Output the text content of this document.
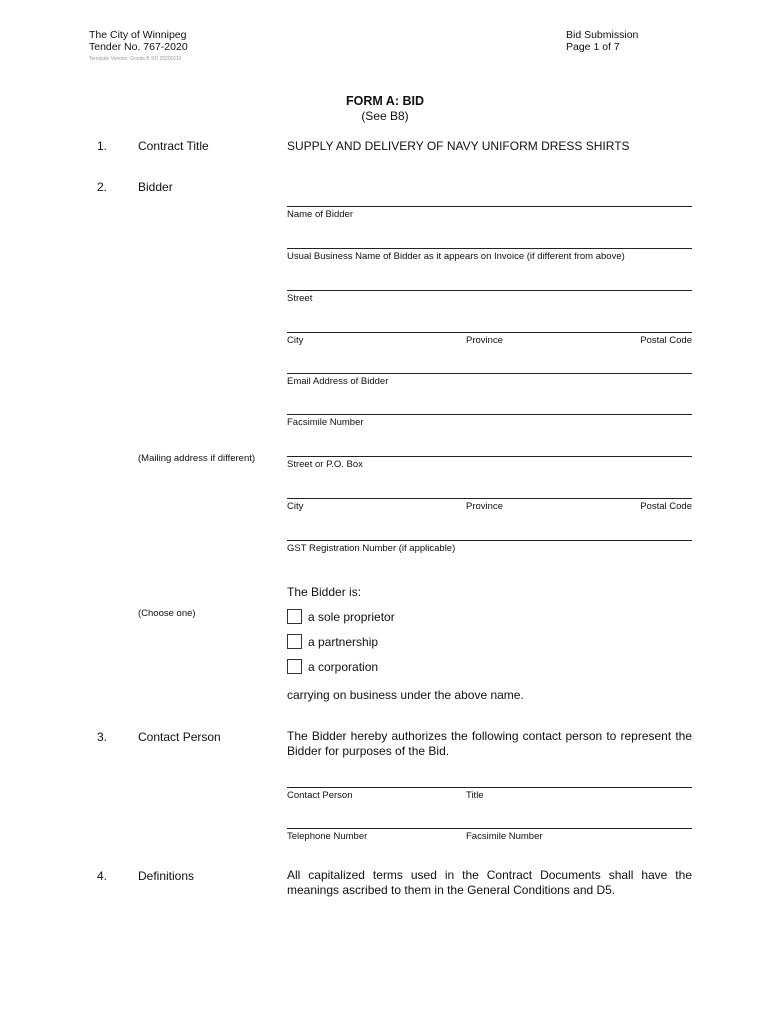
The City of Winnipeg
Tender No. 767-2020
Template Version: Goods B SO 20200110
Bid Submission
Page 1 of 7
FORM A: BID
(See B8)
1.	Contract Title	SUPPLY AND DELIVERY OF NAVY UNIFORM DRESS SHIRTS
2.	Bidder
Name of Bidder
Usual Business Name of Bidder as it appears on Invoice (if different from above)
Street
City	Province	Postal Code
Email Address of Bidder
Facsimile Number
(Mailing address if different)
Street or P.O. Box
City	Province	Postal Code
GST Registration Number (if applicable)
The Bidder is:
(Choose one)	a sole proprietor
a partnership
a corporation
carrying on business under the above name.
3.	Contact Person	The Bidder hereby authorizes the following contact person to represent the Bidder for purposes of the Bid.
Contact Person	Title
Telephone Number	Facsimile Number
4.	Definitions	All capitalized terms used in the Contract Documents shall have the meanings ascribed to them in the General Conditions and D5.
